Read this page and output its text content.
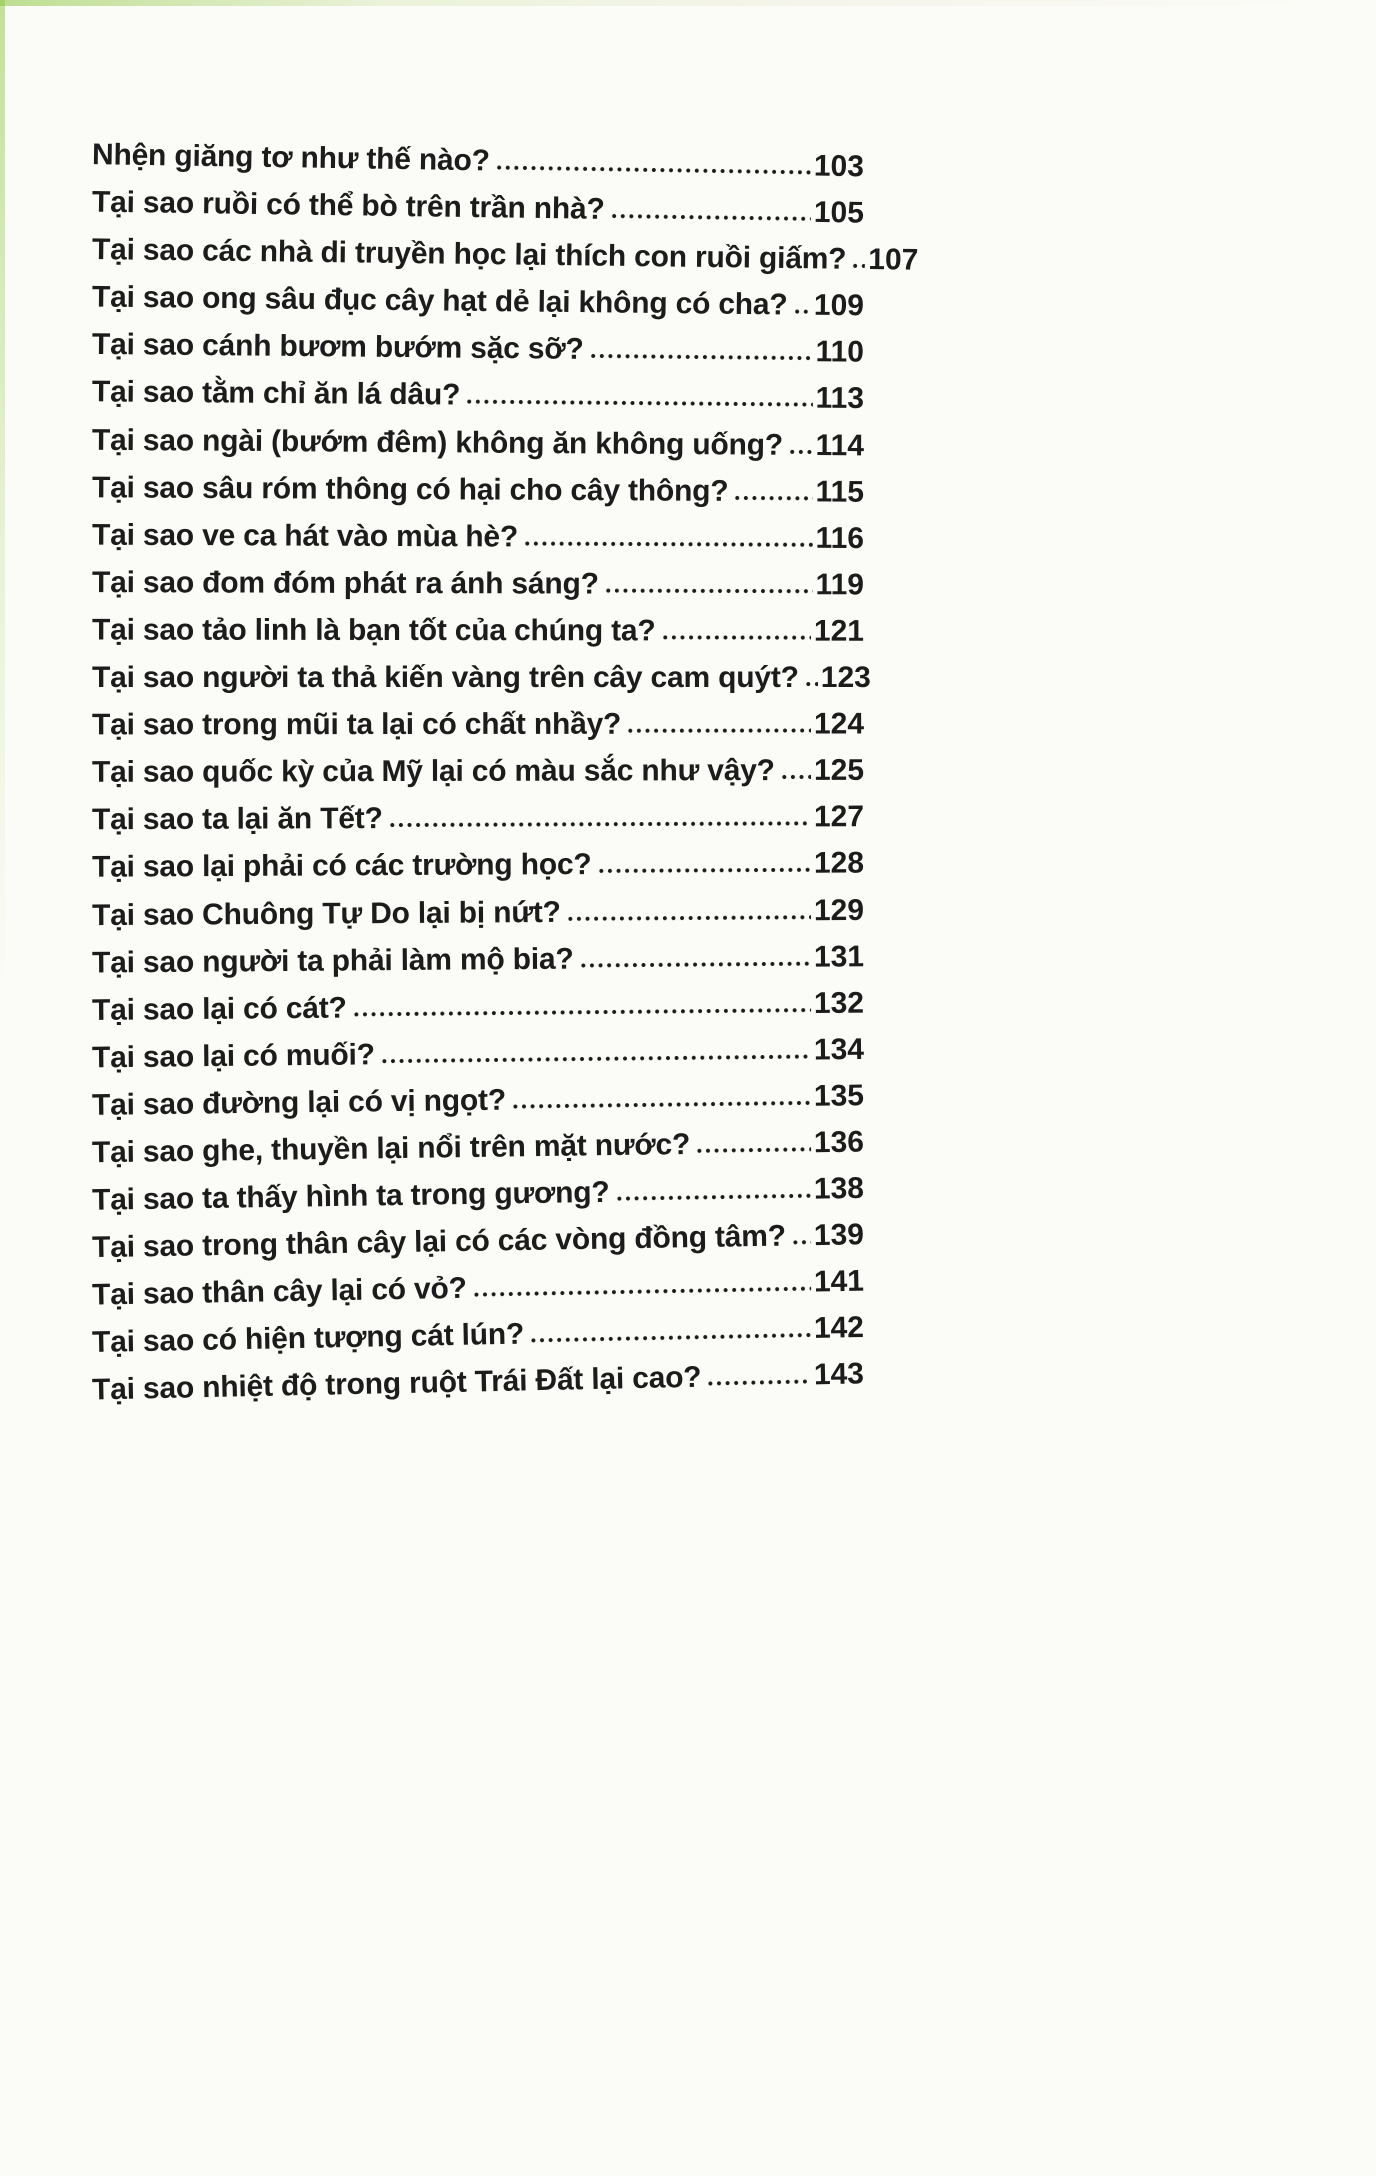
Nhện giăng tơ như thế nào?	103
Tại sao ruồi có thể bò trên trần nhà?	105
Tại sao các nhà di truyền học lại thích con ruồi giấm? 107
Tại sao ong sâu đục cây hạt dẻ lại không có cha? 109
Tại sao cánh bươm bướm sặc sỡ?	110
Tại sao tằm chỉ ăn lá dâu?	113
Tại sao ngài (bướm đêm) không ăn không uống? 114
Tại sao sâu róm thông có hại cho cây thông?	115
Tại sao ve ca hát vào mùa hè?	116
Tại sao đom đóm phát ra ánh sáng?	119
Tại sao tảo linh là bạn tốt của chúng ta?	121
Tại sao người ta thả kiến vàng trên cây cam quýt? 123
Tại sao trong mũi ta lại có chất nhầy?	124
Tại sao quốc kỳ của Mỹ lại có màu sắc như vậy? 125
Tại sao ta lại ăn Tết?	127
Tại sao lại phải có các trường học?	128
Tại sao Chuông Tự Do lại bị nứt?	129
Tại sao người ta phải làm mộ bia?	131
Tại sao lại có cát?	132
Tại sao lại có muối?	134
Tại sao đường lại có vị ngọt?	135
Tại sao ghe, thuyền lại nổi trên mặt nước?	136
Tại sao ta thấy hình ta trong gương?	138
Tại sao trong thân cây lại có các vòng đồng tâm? 139
Tại sao thân cây lại có vỏ?	141
Tại sao có hiện tượng cát lún?	142
Tại sao nhiệt độ trong ruột Trái Đất lại cao?	143
